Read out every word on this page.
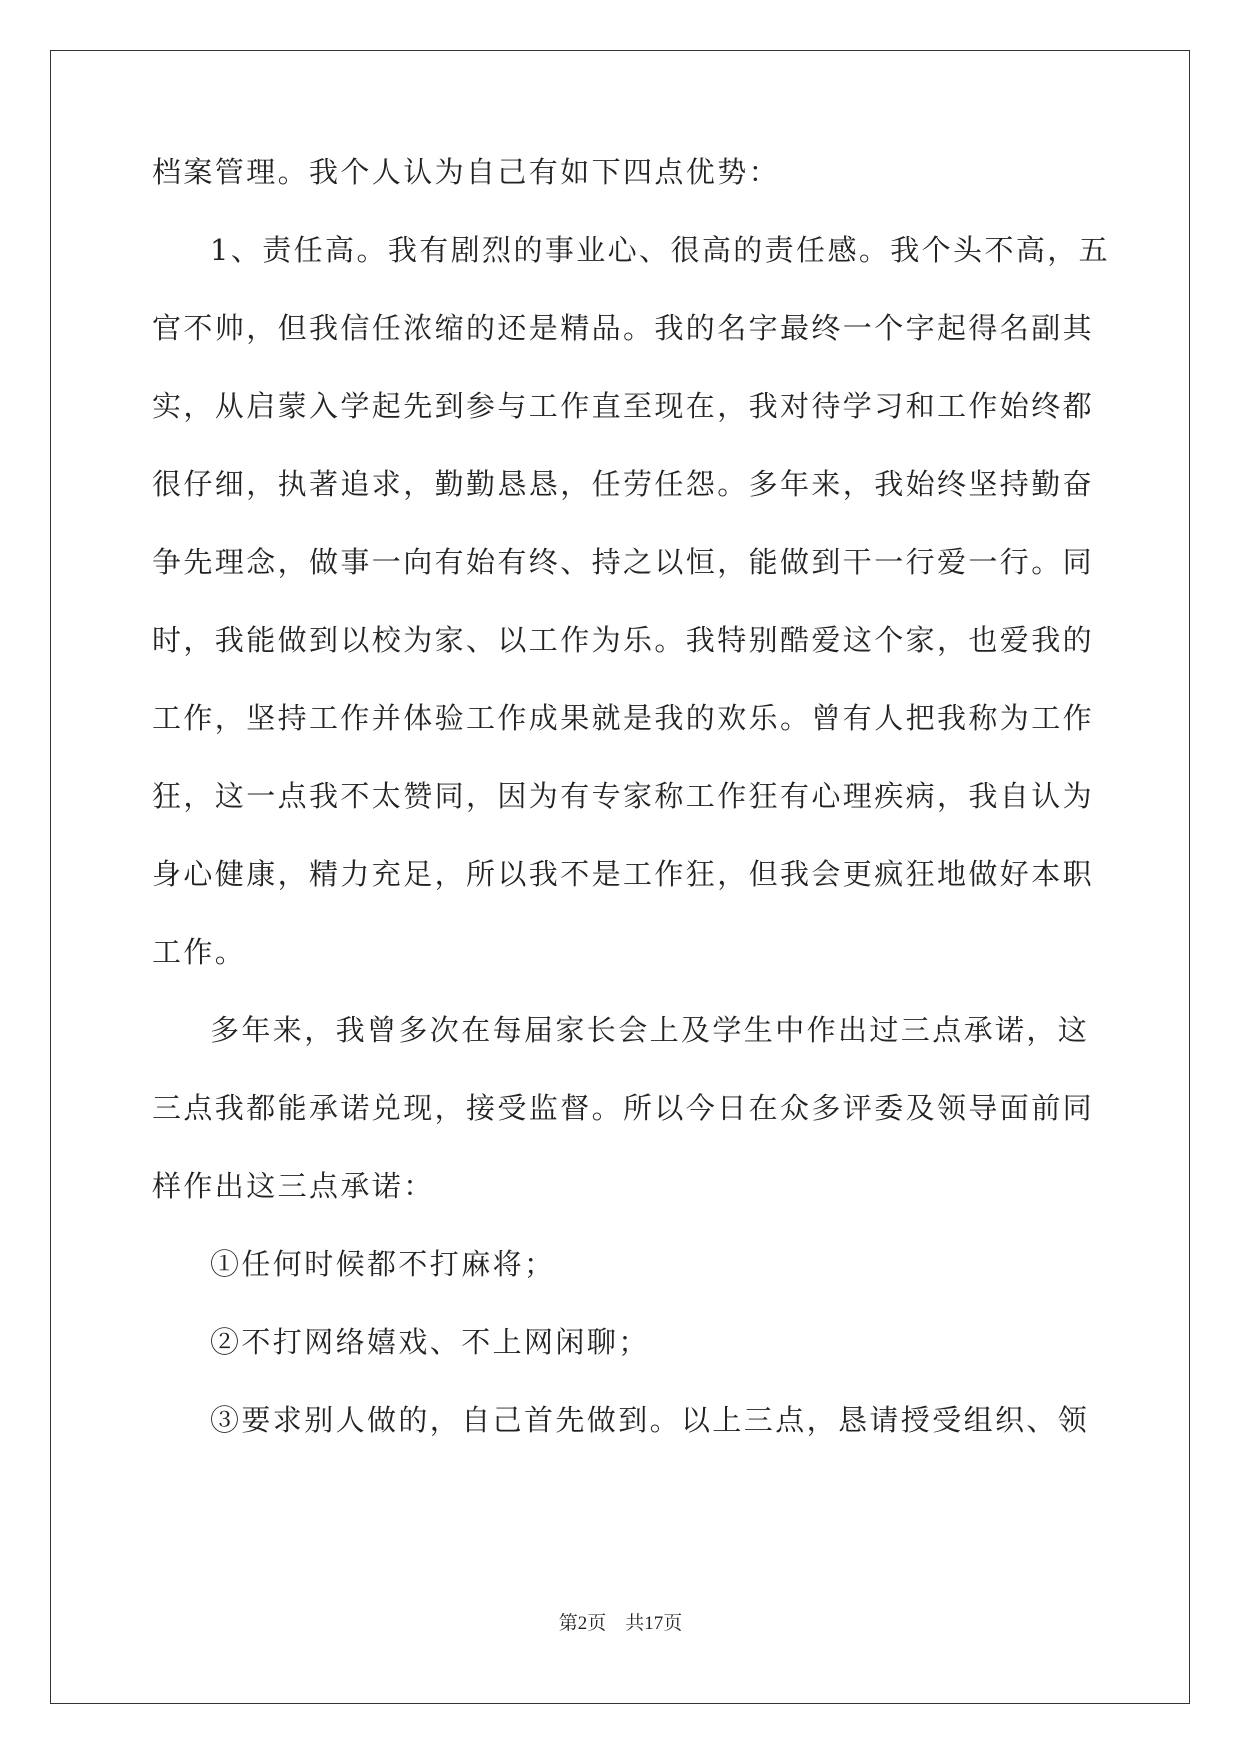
档案管理。我个人认为自己有如下四点优势：
1、责任高。我有剧烈的事业心、很高的责任感。我个头不高，五
官不帅，但我信任浓缩的还是精品。我的名字最终一个字起得名副其
实，从启蒙入学起先到参与工作直至现在，我对待学习和工作始终都
很仔细，执著追求，勤勤恳恳，任劳任怨。多年来，我始终坚持勤奋
争先理念，做事一向有始有终、持之以恒，能做到干一行爱一行。同
时，我能做到以校为家、以工作为乐。我特别酷爱这个家，也爱我的
工作，坚持工作并体验工作成果就是我的欢乐。曾有人把我称为工作
狂，这一点我不太赞同，因为有专家称工作狂有心理疾病，我自认为
身心健康，精力充足，所以我不是工作狂，但我会更疯狂地做好本职
工作。
多年来，我曾多次在每届家长会上及学生中作出过三点承诺，这
三点我都能承诺兑现，接受监督。所以今日在众多评委及领导面前同
样作出这三点承诺：
①任何时候都不打麻将；
②不打网络嬉戏、不上网闲聊；
③要求别人做的，自己首先做到。以上三点，恳请授受组织、领
第2页 共17页
